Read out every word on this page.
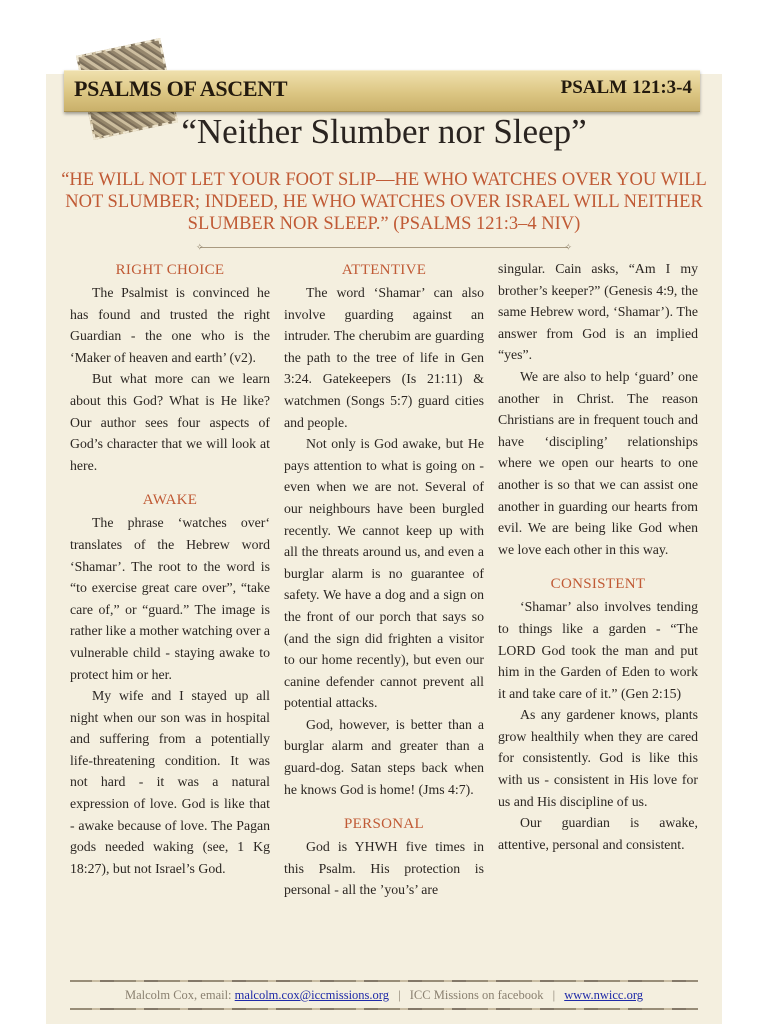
PSALMS OF ASCENT	PSALM 121:3-4
“Neither Slumber nor Sleep”
“HE WILL NOT LET YOUR FOOT SLIP—HE WHO WATCHES OVER YOU WILL NOT SLUMBER; INDEED, HE WHO WATCHES OVER ISRAEL WILL NEITHER SLUMBER NOR SLEEP.” (PSALMS 121:3–4 NIV)
✧	✧
RIGHT CHOICE

The Psalmist is convinced he has found and trusted the right Guardian - the one who is the ‘Maker of heaven and earth’ (v2).

But what more can we learn about this God? What is He like? Our author sees four aspects of God’s character that we will look at here.

AWAKE

The phrase ‘watches over‘ translates of the Hebrew word ‘Shamar’. The root to the word is “to exercise great care over”, “take care of,” or “guard.” The image is rather like a mother watching over a vulnerable child - staying awake to protect him or her.

My wife and I stayed up all night when our son was in hospital and suffering from a potentially life-threatening condition. It was not hard - it was a natural expression of love. God is like that - awake because of love. The Pagan gods needed waking (see, 1 Kg 18:27), but not Israel’s God.

ATTENTIVE

The word ‘Shamar’ can also involve guarding against an intruder. The cherubim are guarding the path to the tree of life in Gen 3:24. Gatekeepers (Is 21:11) & watchmen (Songs 5:7) guard cities and people.

Not only is God awake, but He pays attention to what is going on - even when we are not. Several of our neighbours have been burgled recently. We cannot keep up with all the threats around us, and even a burglar alarm is no guarantee of safety. We have a dog and a sign on the front of our porch that says so (and the sign did frighten a visitor to our home recently), but even our canine defender cannot prevent all potential attacks.

God, however, is better than a burglar alarm and greater than a guard-dog. Satan steps back when he knows God is home! (Jms 4:7).

PERSONAL

God is YHWH five times in this Psalm. His protection is personal - all the ’you’s’ are

singular. Cain asks, “Am I my brother’s keeper?” (Genesis 4:9, the same Hebrew word, ‘Shamar’). The answer from God is an implied “yes”.

We are also to help ‘guard’ one another in Christ. The reason Christians are in frequent touch and have ‘discipling’ relationships where we open our hearts to one another is so that we can assist one another in guarding our hearts from evil. We are being like God when we love each other in this way.

CONSISTENT

‘Shamar’ also involves tending to things like a garden - “The LORD God took the man and put him in the Garden of Eden to work it and take care of it.” (Gen 2:15)

As any gardener knows, plants grow healthily when they are cared for consistently. God is like this with us - consistent in His love for us and His discipline of us.

Our guardian is awake, attentive, personal and consistent.

Malcolm Cox, email: malcolm.cox@iccmissions.org | ICC Missions on facebook | www.nwicc.org
